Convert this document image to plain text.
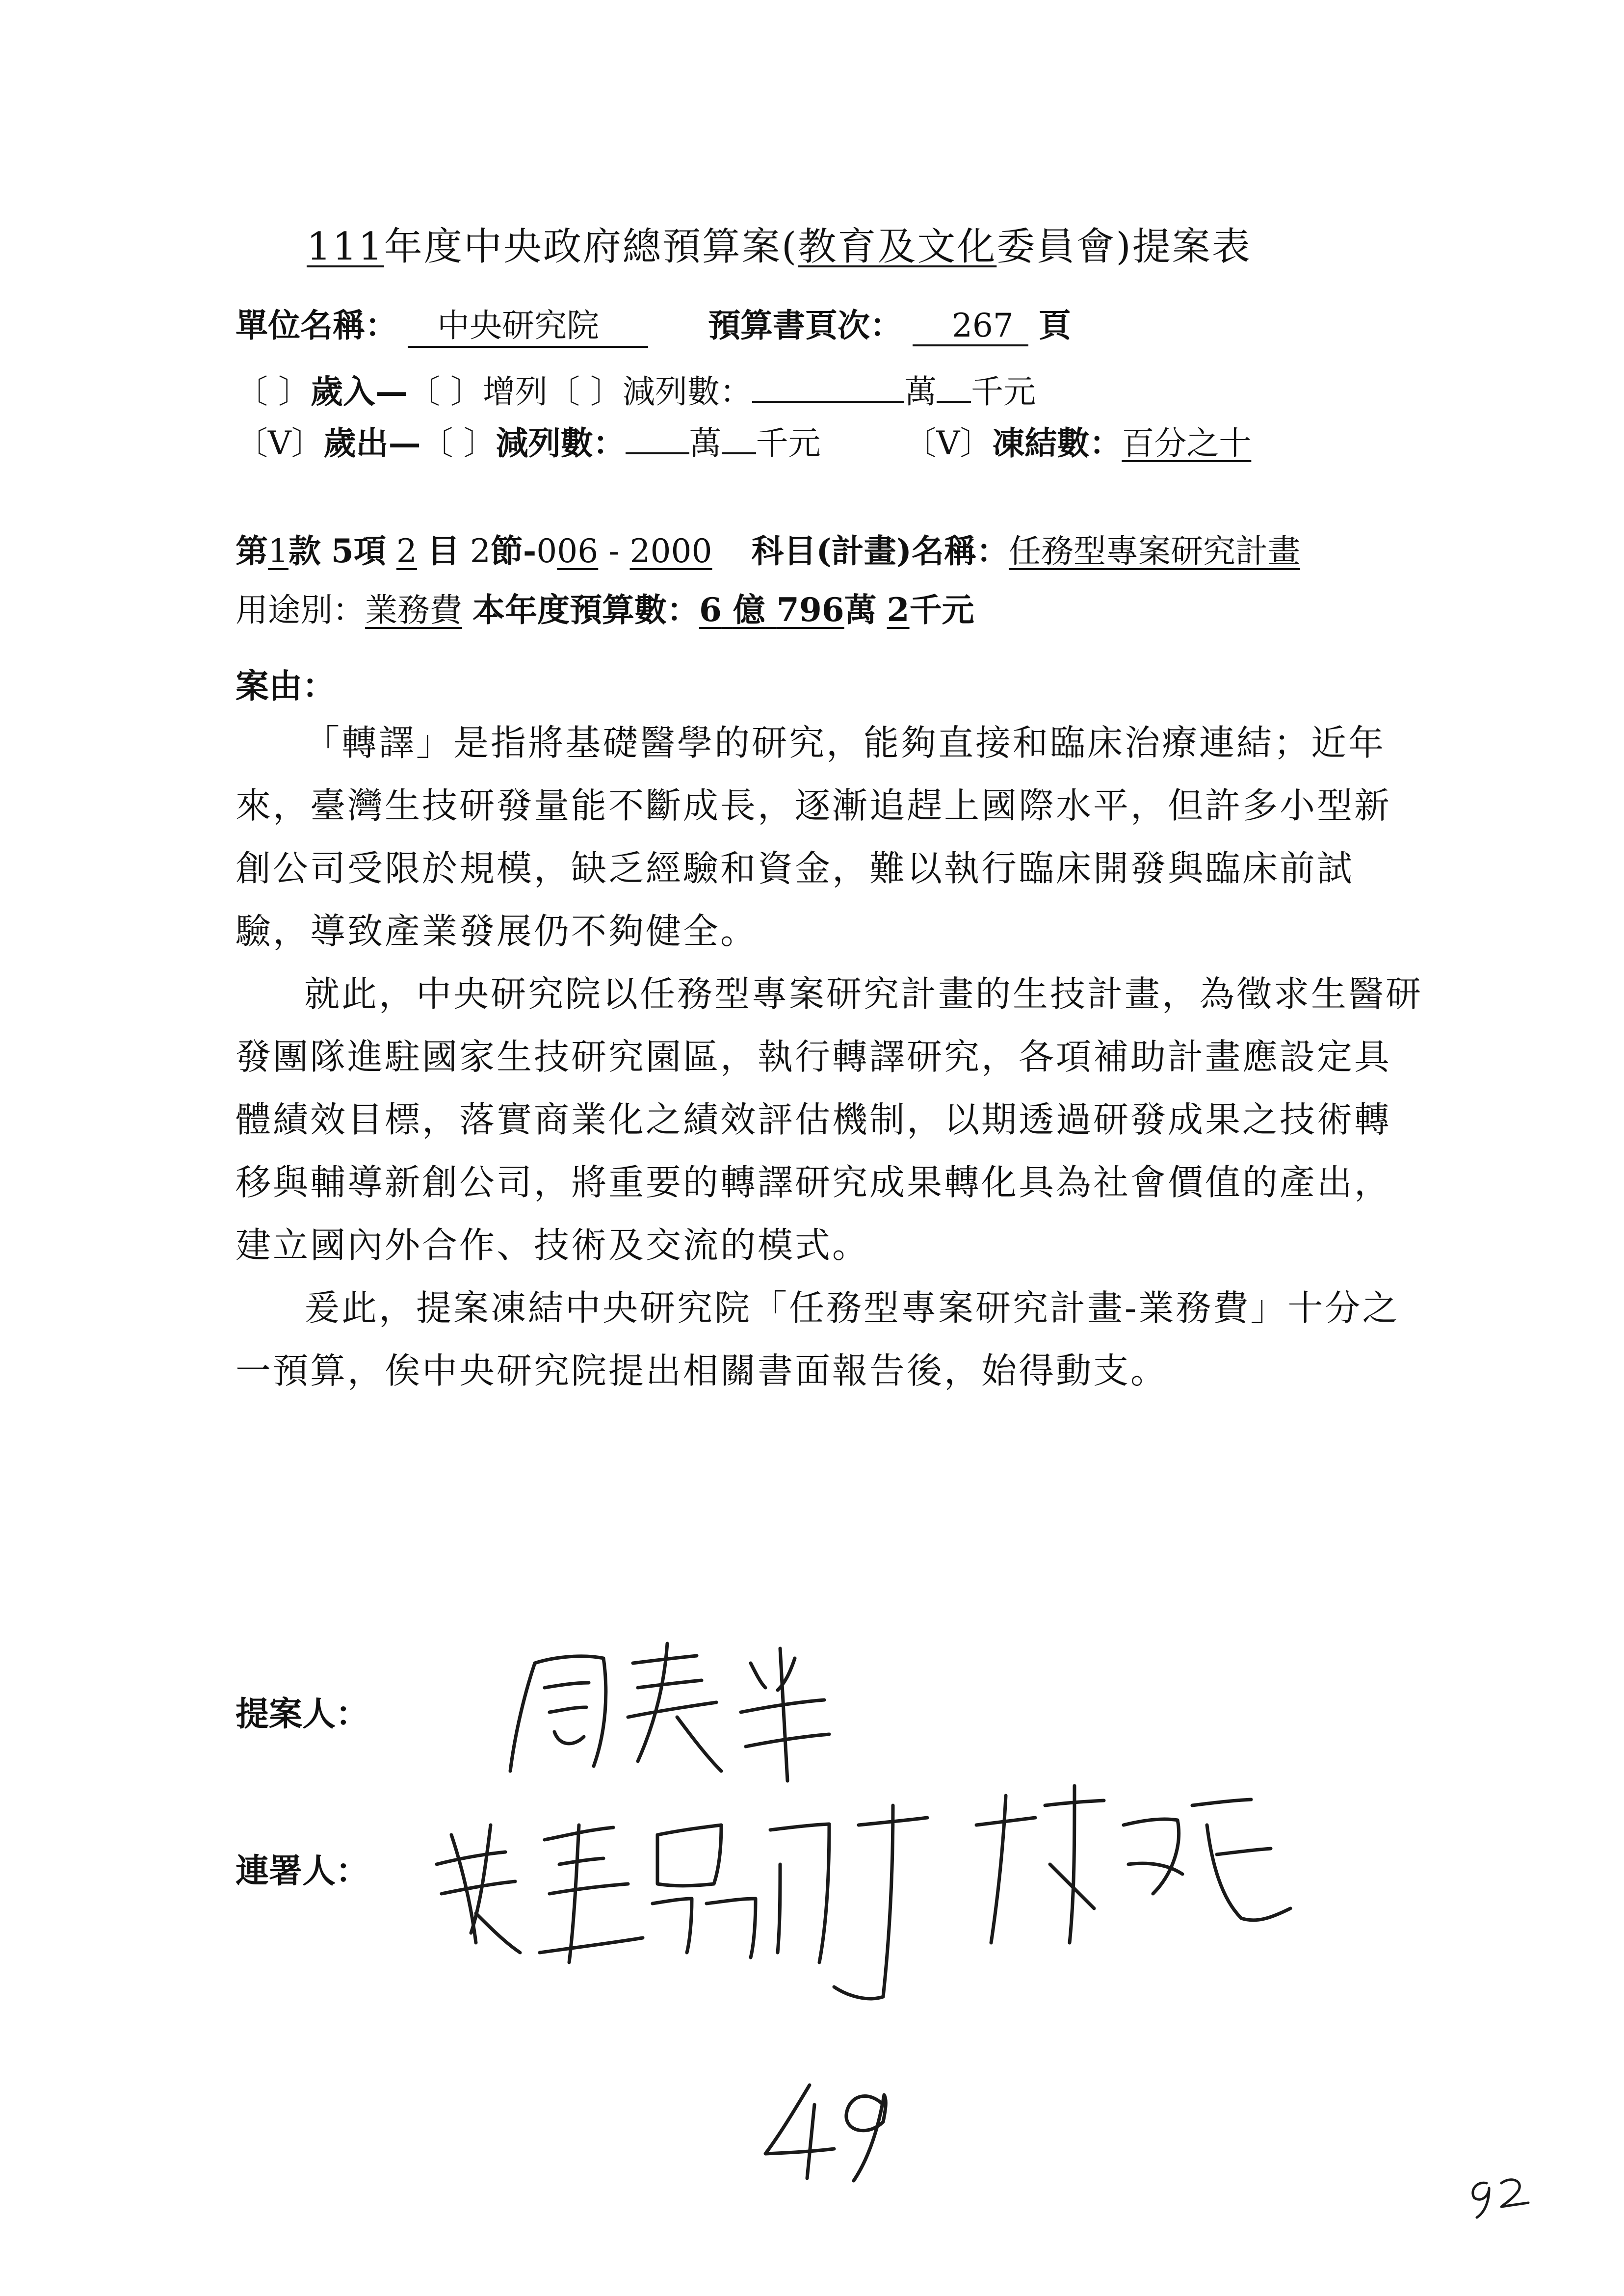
111年度中央政府總預算案(教育及文化委員會)提案表
單位名稱： 中央研究院	預算書頁次： 267 頁
〔 〕歲入—〔 〕增列〔 〕減列數：	萬 千元
〔V〕歲出—〔 〕減列數： 萬 千元	〔V〕凍結數：百分之十
第1款 5項 2 目 2節-006 - 2000 科目(計畫)名稱：任務型專案研究計畫
用途別：業務費 本年度預算數：6 億 796萬 2千元
案由：

「轉譯」是指將基礎醫學的研究，能夠直接和臨床治療連結；近年來，臺灣生技研發量能不斷成長，逐漸追趕上國際水平，但許多小型新創公司受限於規模，缺乏經驗和資金，難以執行臨床開發與臨床前試驗，導致產業發展仍不夠健全。

就此，中央研究院以任務型專案研究計畫的生技計畫，為徵求生醫研發團隊進駐國家生技研究園區，執行轉譯研究，各項補助計畫應設定具體績效目標，落實商業化之績效評估機制，以期透過研發成果之技術轉移與輔導新創公司，將重要的轉譯研究成果轉化具為社會價值的產出，建立國內外合作、技術及交流的模式。

爰此，提案凍結中央研究院「任務型專案研究計畫-業務費」十分之一預算，俟中央研究院提出相關書面報告後，始得動支。

提案人：
連署人：
